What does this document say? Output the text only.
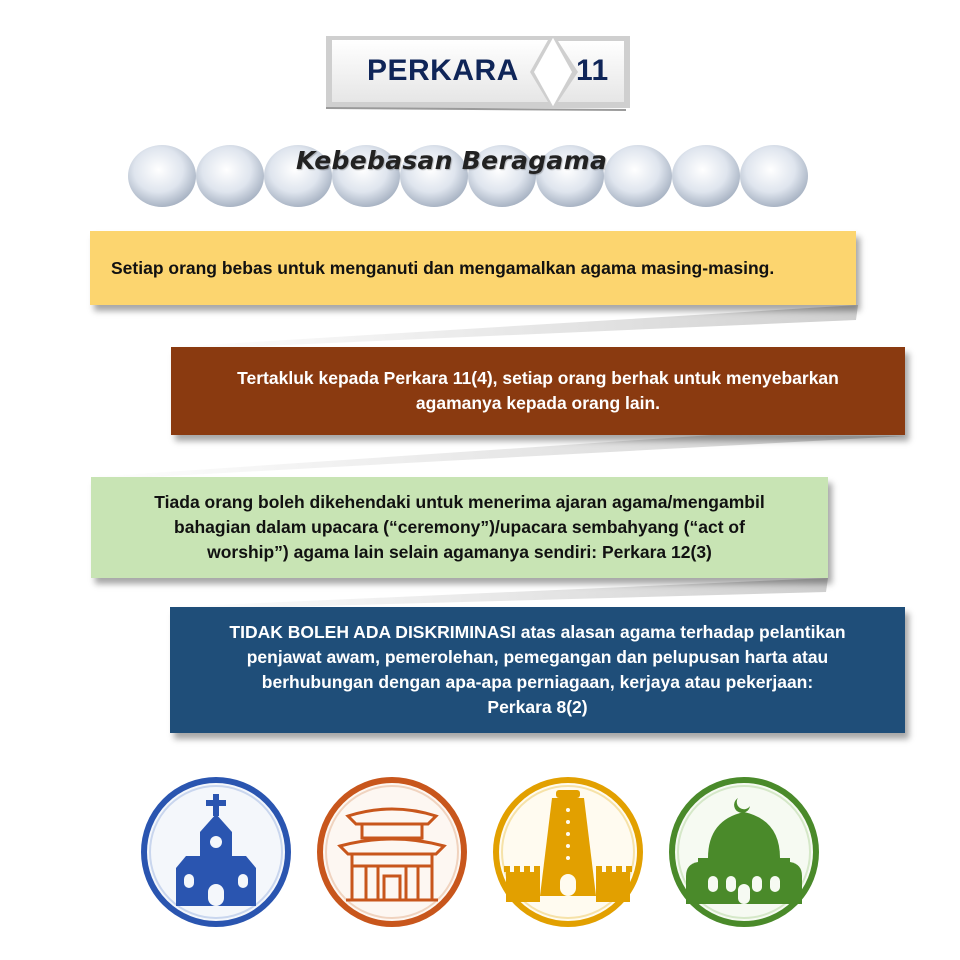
PERKARA 11
Kebebasan Beragama
Setiap orang bebas untuk menganuti dan mengamalkan agama masing-masing.
Tertakluk kepada Perkara 11(4), setiap orang berhak untuk menyebarkan
agamanya kepada orang lain.
Tiada orang boleh dikehendaki untuk menerima ajaran agama/mengambil
bahagian dalam upacara (“ceremony”)/upacara sembahyang (“act of
worship”) agama lain selain agamanya sendiri: Perkara 12(3)
TIDAK BOLEH ADA DISKRIMINASI atas alasan agama terhadap pelantikan
penjawat awam, pemerolehan, pemegangan dan pelupusan harta atau
berhubungan dengan apa-apa perniagaan, kerjaya atau pekerjaan:
Perkara 8(2)
